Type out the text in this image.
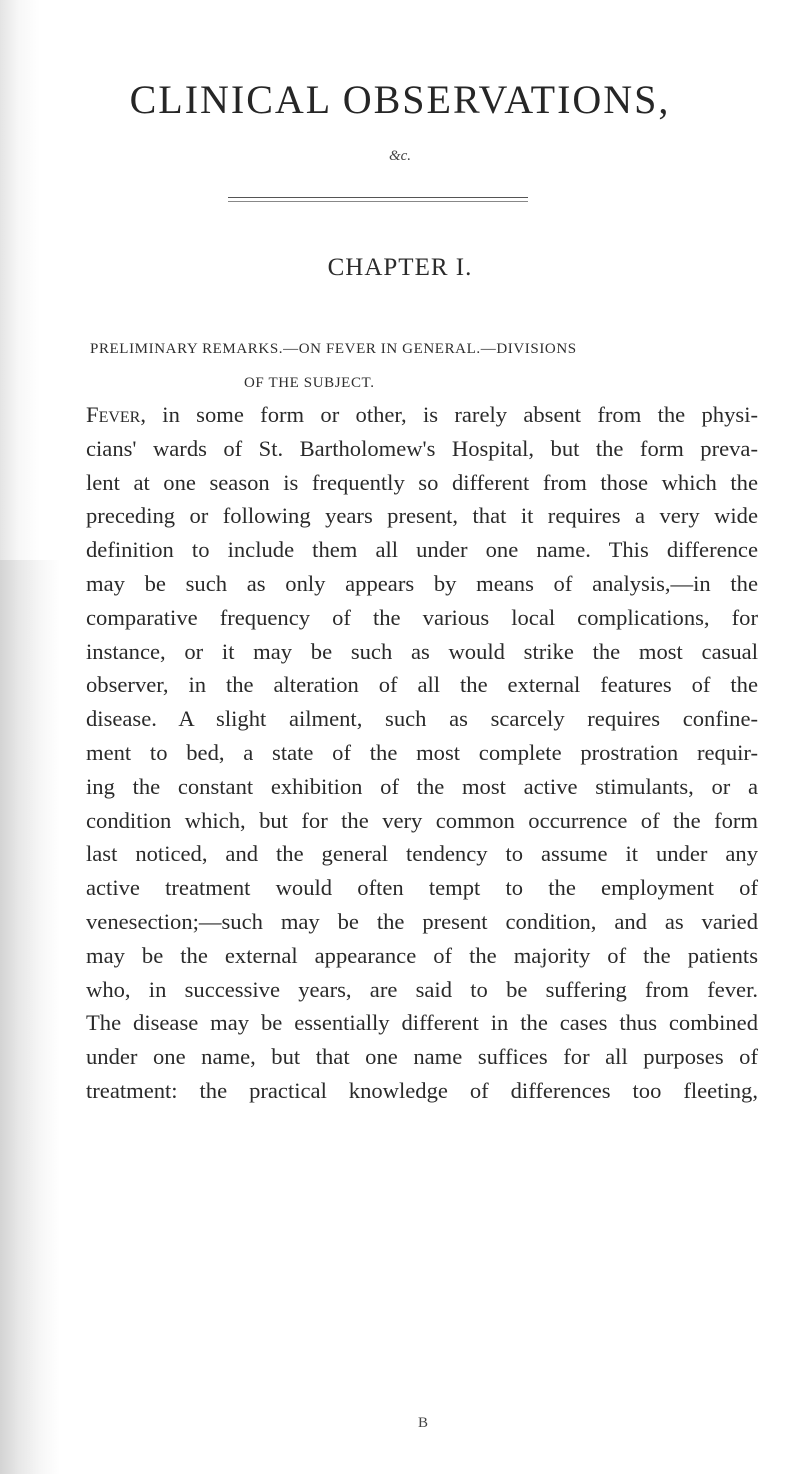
CLINICAL OBSERVATIONS,
&c.
CHAPTER I.
PRELIMINARY REMARKS.—ON FEVER IN GENERAL.—DIVISIONS
OF THE SUBJECT.
Fever, in some form or other, is rarely absent from the physi-
cians' wards of St. Bartholomew's Hospital, but the form preva-
lent at one season is frequently so different from those which the
preceding or following years present, that it requires a very wide
definition to include them all under one name. This difference
may be such as only appears by means of analysis,—in the
comparative frequency of the various local complications, for
instance, or it may be such as would strike the most casual
observer, in the alteration of all the external features of the
disease. A slight ailment, such as scarcely requires confine-
ment to bed, a state of the most complete prostration requir-
ing the constant exhibition of the most active stimulants, or a
condition which, but for the very common occurrence of the form
last noticed, and the general tendency to assume it under any
active treatment would often tempt to the employment of
venesection;—such may be the present condition, and as varied
may be the external appearance of the majority of the patients
who, in successive years, are said to be suffering from fever.
The disease may be essentially different in the cases thus combined
under one name, but that one name suffices for all purposes of
treatment: the practical knowledge of differences too fleeting,
B
